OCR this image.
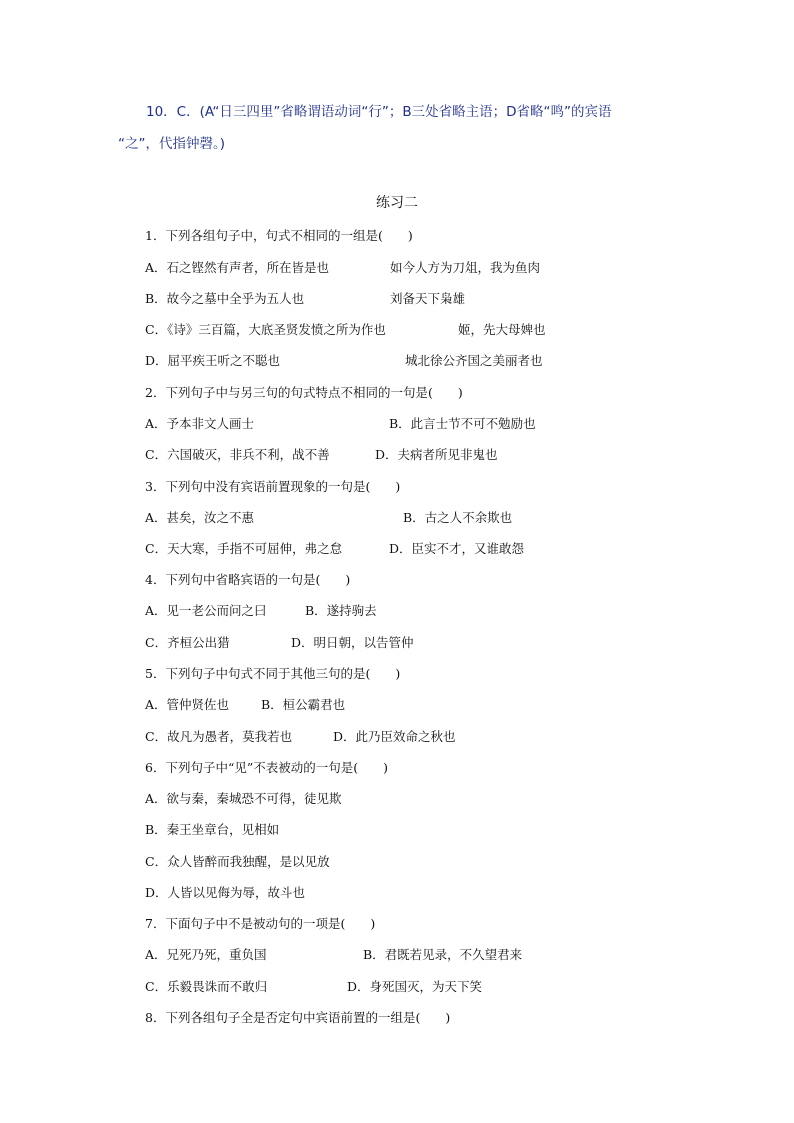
10．C．(A“日三四里”省略谓语动词“行”；B三处省略主语；D省略“鸣”的宾语
“之”，代指钟磬。)
练习二
1．下列各组句子中，句式不相同的一组是(　　)
A．石之铿然有声者，所在皆是也	如今人方为刀俎，我为鱼肉
B．故今之墓中全乎为五人也	刘备天下枭雄
C．《诗》三百篇，大底圣贤发愤之所为作也	姬，先大母婢也
D．屈平疾王听之不聪也	城北徐公齐国之美丽者也
2．下列句子中与另三句的句式特点不相同的一句是(　　)
A．予本非文人画士	B．此言士节不可不勉励也
C．六国破灭，非兵不利，战不善	D．夫病者所见非鬼也
3．下列句中没有宾语前置现象的一句是(　　)
A．甚矣，汝之不惠	B．古之人不余欺也
C．天大寒，手指不可屈伸，弗之怠	D．臣实不才，又谁敢怨
4．下列句中省略宾语的一句是(　　)
A．见一老公而问之曰	B．遂持驹去
C．齐桓公出猎	D．明日朝，以告管仲
5．下列句子中句式不同于其他三句的是(　　)
A．管仲贤佐也	B．桓公霸君也
C．故凡为愚者，莫我若也	D．此乃臣效命之秋也
6．下列句子中“见”不表被动的一句是(　　)
A．欲与秦，秦城恐不可得，徒见欺
B．秦王坐章台，见相如
C．众人皆醉而我独醒，是以见放
D．人皆以见侮为辱，故斗也
7．下面句子中不是被动句的一项是(　　)
A．兄死乃死，重负国	B．君既若见录，不久望君来
C．乐毅畏诛而不敢归	D．身死国灭，为天下笑
8．下列各组句子全是否定句中宾语前置的一组是(　　)
